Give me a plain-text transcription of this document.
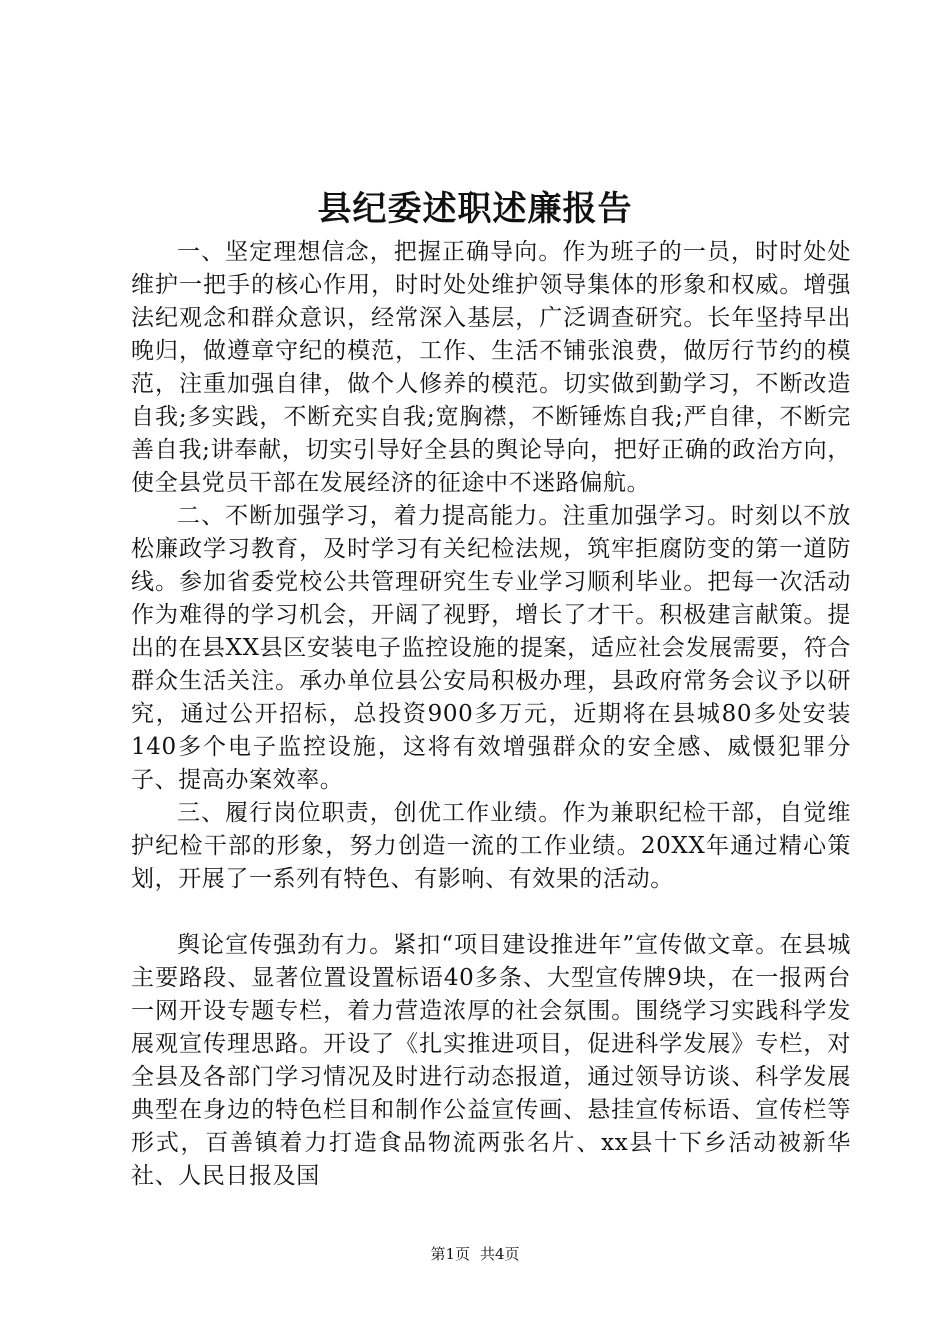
县纪委述职述廉报告

一、坚定理想信念，把握正确导向。作为班子的一员，时时处处维护一把手的核心作用，时时处处维护领导集体的形象和权威。增强法纪观念和群众意识，经常深入基层，广泛调查研究。长年坚持早出晚归，做遵章守纪的模范，工作、生活不铺张浪费，做厉行节约的模范，注重加强自律，做个人修养的模范。切实做到勤学习，不断改造自我;多实践，不断充实自我;宽胸襟，不断锤炼自我;严自律，不断完善自我;讲奉献，切实引导好全县的舆论导向，把好正确的政治方向，使全县党员干部在发展经济的征途中不迷路偏航。

二、不断加强学习，着力提高能力。注重加强学习。时刻以不放松廉政学习教育，及时学习有关纪检法规，筑牢拒腐防变的第一道防线。参加省委党校公共管理研究生专业学习顺利毕业。把每一次活动作为难得的学习机会，开阔了视野，增长了才干。积极建言献策。提出的在县XX县区安装电子监控设施的提案，适应社会发展需要，符合群众生活关注。承办单位县公安局积极办理，县政府常务会议予以研究，通过公开招标，总投资900多万元，近期将在县城80多处安装140多个电子监控设施，这将有效增强群众的安全感、威慑犯罪分子、提高办案效率。

三、履行岗位职责，创优工作业绩。作为兼职纪检干部，自觉维护纪检干部的形象，努力创造一流的工作业绩。20XX年通过精心策划，开展了一系列有特色、有影响、有效果的活动。

舆论宣传强劲有力。紧扣“项目建设推进年”宣传做文章。在县城主要路段、显著位置设置标语40多条、大型宣传牌9块，在一报两台一网开设专题专栏，着力营造浓厚的社会氛围。围绕学习实践科学发展观宣传理思路。开设了《扎实推进项目，促进科学发展》专栏，对全县及各部门学习情况及时进行动态报道，通过领导访谈、科学发展典型在身边的特色栏目和制作公益宣传画、悬挂宣传标语、宣传栏等形式，百善镇着力打造食品物流两张名片、xx县十下乡活动被新华社、人民日报及国

第1页 共4页
